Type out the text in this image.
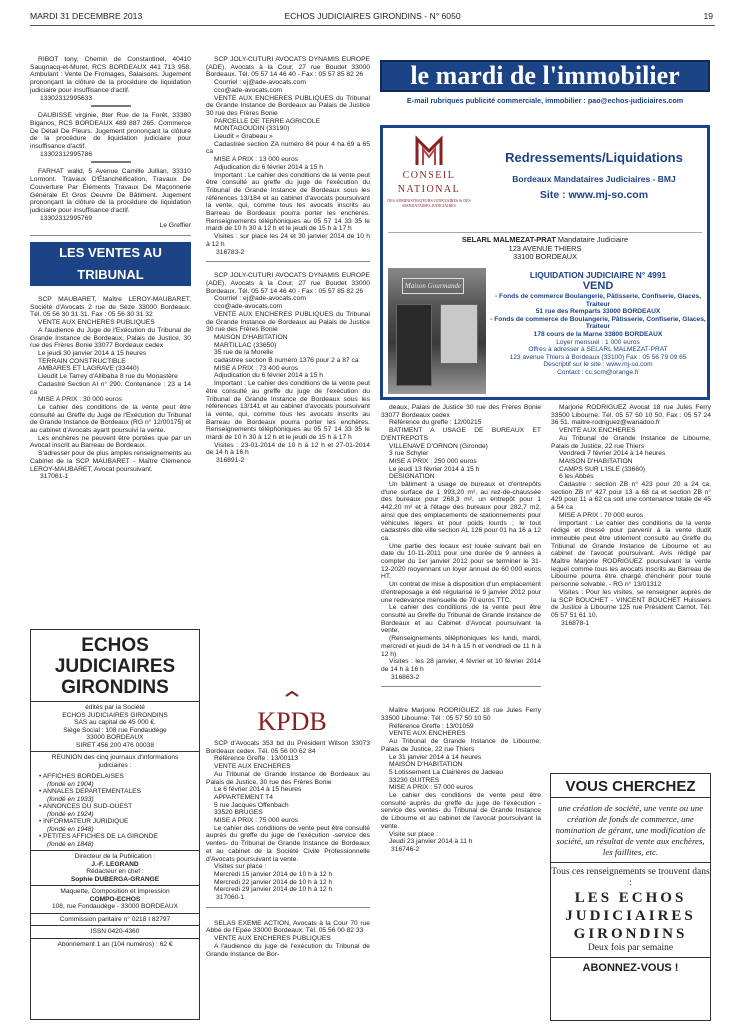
MARDI 31 DECEMBRE 2013	ECHOS JUDICIAIRES GIRONDINS - N° 6050	19

RIBOT tony, Chemin de Constantinel, 40410 Saugnacq-et-Muret, RCS BORDEAUX 441 713 958. Ambulant : Vente De Fromages, Salaisons. Jugement prononçant la clôture de la procédure de liquidation judiciaire pour insuffisance d'actif.

13302312995633

DAUBISSE virginie, 8ter Rue de la Forêt, 33380 Biganos, RCS BORDEAUX 489 887 265. Commerce De Détail De Fleurs. Jugement prononçant la clôture de la procédure de liquidation judiciaire pour insuffisance d'actif.

13302312995786

FARHAT walid, 5 Avenue Camille Jullian, 33310 Lormont. Travaux D'Étanchéification, Travaux De Couverture Par Éléments Travaux De Maçonnerie Générale Et Gros Oeuvre De Bâtiment. Jugement prononçant la clôture de la procédure de liquidation judiciaire pour insuffisance d'actif.

13302312995769

Le Greffier

LES VENTES AU TRIBUNAL

SCP MAUBARET, Maître LEROY-MAUBARET, Société d'Avocats 2 rue de Sèze 33000 Bordeaux. Tél. 05 56 30 31 31. Fax : 05 56 30 31 32

VENTE AUX ENCHERES PUBLIQUES

A l'audience du Juge de l'Exécution du Tribunal de Grande Instance de Bordeaux, Palais de Justice, 30 rue des Frères Bonie 33077 Bordeaux cedex

Le jeudi 30 janvier 2014 à 15 heures

TERRAIN CONSTRUCTIBLE

AMBARES ET LAGRAVE (33440)

Lieudit Le Tarrey d'Allibaba 8 rue du Monastère

Cadastré Section AI n° 290. Contenance : 23 a 14 ca

MISE A PRIX : 30 000 euros

Le cahier des conditions de la vente peut être consulté au Greffe du Juge de l'Exécution du Tribunal de Grande Instance de Bordeaux (RG n° 12/00175) et au cabinet d'Avocats ayant poursuivi la vente.

Les enchères ne peuvent être portées que par un Avocat inscrit au Barreau de Bordeaux.

S'adresser pour de plus amples renseignements au Cabinet de la SCP MAUBARET - Maître Clémence LEROY-MAUBARET, Avocat poursuivant.

317061-1

ECHOS JUDICIAIRES GIRONDINS
édités par la Société
ECHOS JUDICIAIRES GIRONDINS
SAS au capital de 45 000 €.
Siège Social : 108 rue Fondaudège
33000 BORDEAUX
SIRET 456 200 476 00038
REUNION des cinq journaux d'informations judiciaires :
• AFFICHES BORDELAISES
(fondé en 1904)
• ANNALES DEPARTEMENTALES
(fondé en 1933)
• ANNONCES DU SUD-OUEST
(fondé en 1924)
• INFORMATEUR JURIDIQUE
(fondé en 1948)
• PETITES AFFICHES DE LA GIRONDE
(fondé en 1848)
Directeur de la Publication :
J.-F. LEGRAND
Rédacteur en chef :
Sophie DUBERGA-GRANGE
Maquette, Composition et Impression
COMPO-ECHOS
108, rue Fondaudège - 33000 BORDEAUX
Commission paritaire n° 0218 I 82797
ISSN 0420-4360
Abonnement 1 an (104 numéros) : 62 €

SCP JOLY-CUTURI AVOCATS DYNAMIS EUROPE (ADE), Avocats à la Cour, 27 rue Boudet 33000 Bordeaux. Tél. 05 57 14 46 40 - Fax : 05 57 85 82 26

Courriel : ej@ade-avocats.com

cco@ade-avocats.com

VENTE AUX ENCHERES PUBLIQUES du Tribunal de Grande Instance de Bordeaux au Palais de Justice 30 rue des Frères Bonie

PARCELLE DE TERRE AGRICOLE

MONTAGOUDIN (33190)

Lieudit « Grabeau »

Cadastrée section ZA numéro 84 pour 4 ha 69 a 65 ca

MISE A PRIX : 13 000 euros

Adjudication du 6 février 2014 à 15 h

Important : Le cahier des conditions de la vente peut être consulté au greffe du juge de l'exécution du Tribunal de Grande Instance de Bordeaux sous les références 13/184 et au cabinet d'avocats poursuivant la vente, qui, comme tous les avocats inscrits au Barreau de Bordeaux pourra porter les enchères. Renseignements téléphoniques au 05 57 14 33 35 le mardi de 10 h 30 à 12 h et le jeudi de 15 h à 17 h

Visites : sur place les 24 et 30 janvier 2014 de 10 h à 12 h

316783-2

SCP JOLY-CUTURI AVOCATS DYNAMIS EUROPE (ADE), Avocats à la Cour, 27 rue Boudet 33000 Bordeaux. Tél. 05 57 14 46 40 - Fax : 05 57 85 82 26

Courriel : ej@ade-avocats.com

cco@ade-avocats.com

VENTE AUX ENCHERES PUBLIQUES du Tribunal de Grande Instance de Bordeaux au Palais de Justice 30 rue des Frères Bonie

MAISON D'HABITATION

MARTILLAC (33650)

35 rue de la Morelle

cadastrée section B numéro 1376 pour 2 a 87 ca

MISE A PRIX : 73 400 euros

Adjudication du 6 février 2014 à 15 h

Important : Le cahier des conditions de la vente peut être consulté au greffe du juge de l'exécution du Tribunal de Grande Instance de Bordeaux sous les références 13/141 et au cabinet d'avocats poursuivant la vente, qui, comme tous les avocats inscrits au Barreau de Bordeaux pourra porter les enchères. Renseignements téléphoniques au 05 57 14 33 35 le mardi de 10 h 30 à 12 h et le jeudi de 15 h à 17 h

Visites : 23-01-2014 de 10 h à 12 h et 27-01-2014 de 14 h à 16 h

316891-2

KPDB

SCP d'Avocats 353 bd du Président Wilson 33073 Bordeaux cedex. Tél. 05 56 00 62 84

Référence Greffe : 13/00113

VENTE AUX ENCHERES

Au Tribunal de Grande Instance de Bordeaux au Palais de Justice, 30 rue des Frères Bonie

Le 6 février 2014 à 15 heures

APPARTEMENT T4

5 rue Jacques Offenbach

33520 BRUGES

MISE A PRIX : 75 000 euros

Le cahier des conditions de vente peut être consulté auprès du greffe du juge de l'exécution -service des ventes- du Tribunal de Grande Instance de Bordeaux et au cabinet de la Société Civile Professionnelle d'Avocats poursuivant la vente.

Visites sur place :

Mercredi 15 janvier 2014 de 10 h à 12 h

Mercredi 22 janvier 2014 de 10 h à 12 h

Mercredi 29 janvier 2014 de 10 h à 12 h

317060-1

SELAS EXEME ACTION, Avocats à la Cour 70 rue Abbé de l'Epée 33000 Bordeaux. Tél. 05 56 00 82 33

VENTE AUX ENCHERES PUBLIQUES

A l'audience du juge de l'exécution du Tribunal de Grande Instance de Bor-

le mardi de l'immobilier
E-mail rubriques publicité commerciale, immobilier : pao@echos-judiciaires.com
CONSEIL
NATIONAL
DES ADMINISTRATEURS JUDICIAIRES & DES MANDATAIRES JUDICIAIRES
Redressements/Liquidations
Bordeaux Mandataires Judiciaires - BMJ
Site : www.mj-so.com
SELARL MALMEZAT-PRAT Mandataire Judiciaire
123 AVENUE THIERS
33100 BORDEAUX
Maison Gourmande
LIQUIDATION JUDICIAIRE N° 4991
VEND
- Fonds de commerce Boulangerie, Pâtisserie, Confiserie, Glaces, Traiteur
51 rue des Remparts 33000 BORDEAUX
- Fonds de commerce de Boulangerie, Pâtisserie, Confiserie, Glaces, Traiteur
178 cours de la Marne 33800 BORDEAUX
Loyer mensuel : 1 000 euros
Offres à adresser à SELARL MALMEZAT-PRAT
123 avenue Thiers à Bordeaux (33100) Fax : 05 56 79 09 65
Descriptif sur le site : www.mj-so.com
Contact : cc.scm@orange.fr

deaux, Palais de Justice 30 rue des Frères Bonie 33077 Bordeaux cedex

Référence du greffe : 12/00215

BATIMENT A USAGE DE BUREAUX ET D'ENTREPOTS

VILLENAVE D'ORNON (Gironde)

3 rue Schyler

MISE A PRIX : 250 000 euros

Le jeudi 13 février 2014 à 15 h

DESIGNATION

Un bâtiment à usage de bureaux et d'entrepôts d'une surface de 1 993,20 m², au rez-de-chaussée des bureaux pour 268,3 m², un entrepôt pour 1 442,20 m² et à l'étage des bureaux pour 282,7 m2, ainsi que des emplacements de stationnements pour véhicules légers et pour poids lourds ; le tout cadastrés dite ville section AL 126 pour 01 ha 16 a 12 ca.

Une partie des locaux est louée suivant bail en date du 10-11-2011 pour une durée de 9 années à compter du 1er janvier 2012 pour se terminer le 31-12-2020 moyennant un loyer annuel de 60 000 euros HT.

Un contrat de mise à disposition d'un emplacement d'entreposage a été régularisé le 9 janvier 2012 pour une redevance mensuelle de 70 euros TTC.

Le cahier des conditions de la vente peut être consulté au Greffe du Tribunal de Grande Instance de Bordeaux et au Cabinet d'Avocat poursuivant la vente.

(Renseignements téléphoniques les lundi, mardi, mercredi et jeudi de 14 h à 15 h et vendredi de 11 h à 12 h)

Visites : les 28 janvier, 4 février et 10 février 2014 de 14 h à 16 h

316863-2

Maître Marjorie RODRIGUEZ 18 rue Jules Ferry 33500 Libourne. Tél : 05 57 50 10 50

Référence Greffe : 13/01059

VENTE AUX ENCHERES

Au Tribunal de Grande Instance de Libourne, Palais de Justice, 22 rue Thiers

Le 31 janvier 2014 à 14 heures

MAISON D'HABITATION

5 Lotissement La Clairières de Jadeau

33230 GUITRES

MISE A PRIX : 57 000 euros

Le cahier des conditions de vente peut être consulté auprès du greffe du juge de l'exécution -service des ventes- du Tribunal de Grande Instance de Libourne et au cabinet de l'avocat poursuivant la vente.

Visite sur place :

Jeudi 23 janvier 2014 à 11 h

316746-2

Marjorie RODRIGUEZ Avocat 18 rue Jules Ferry 33500 Libourne. Tél. 05 57 50 10 50, Fax : 05 57 24 36 51. maitre-rodriguez@wanadoo.fr

VENTE AUX ENCHERES

Au Tribunal de Grande Instance de Libourne, Palais de Justice, 22 rue Thiers

Vendredi 7 février 2014 à 14 heures

MAISON D'HABITATION

CAMPS SUR L'ISLE (33660)

6 les Abbés

Cadastre : section ZB n° 423 pour 20 a 24 ca, section ZB n° 427 pour 13 a 68 ca et section ZB n° 429 pour 11 a 62 ca soit une contenance totale de 45 a 54 ca

MISE A PRIX : 70 000 euros

Important : Le cahier des conditions de la vente rédigé et dressé pour parvenir à la vente dudit immeuble peut être utilement consulté au Greffe du Tribunal de Grande Instance de Libourne et au cabinet de l'avocat poursuivant. Avis rédigé par Maître Marjorie RODRIGUEZ poursuivant la vente lequel comme tous les avocats inscrits au Barreau de Libourne pourra être chargé d'enchérir pour toute personne solvable. - RG n° 13/01312

Visites : Pour les visites, se renseigner auprès de la SCP BOUCHET - VINCENT BOUCHET Huissiers de Justice à Libourne 125 rue Président Carnot. Tél. 05 57 51 61 10.

316878-1

VOUS CHERCHEZ
une création de société, une vente ou une création de fonds de commerce, une nomination de gérant, une modification de société, un résultat de vente aux enchères, les faillites, etc.
Tous ces renseignements se trouvent dans :
LES ECHOS
JUDICIAIRES
GIRONDINS
Deux fois par semaine
ABONNEZ-VOUS !
